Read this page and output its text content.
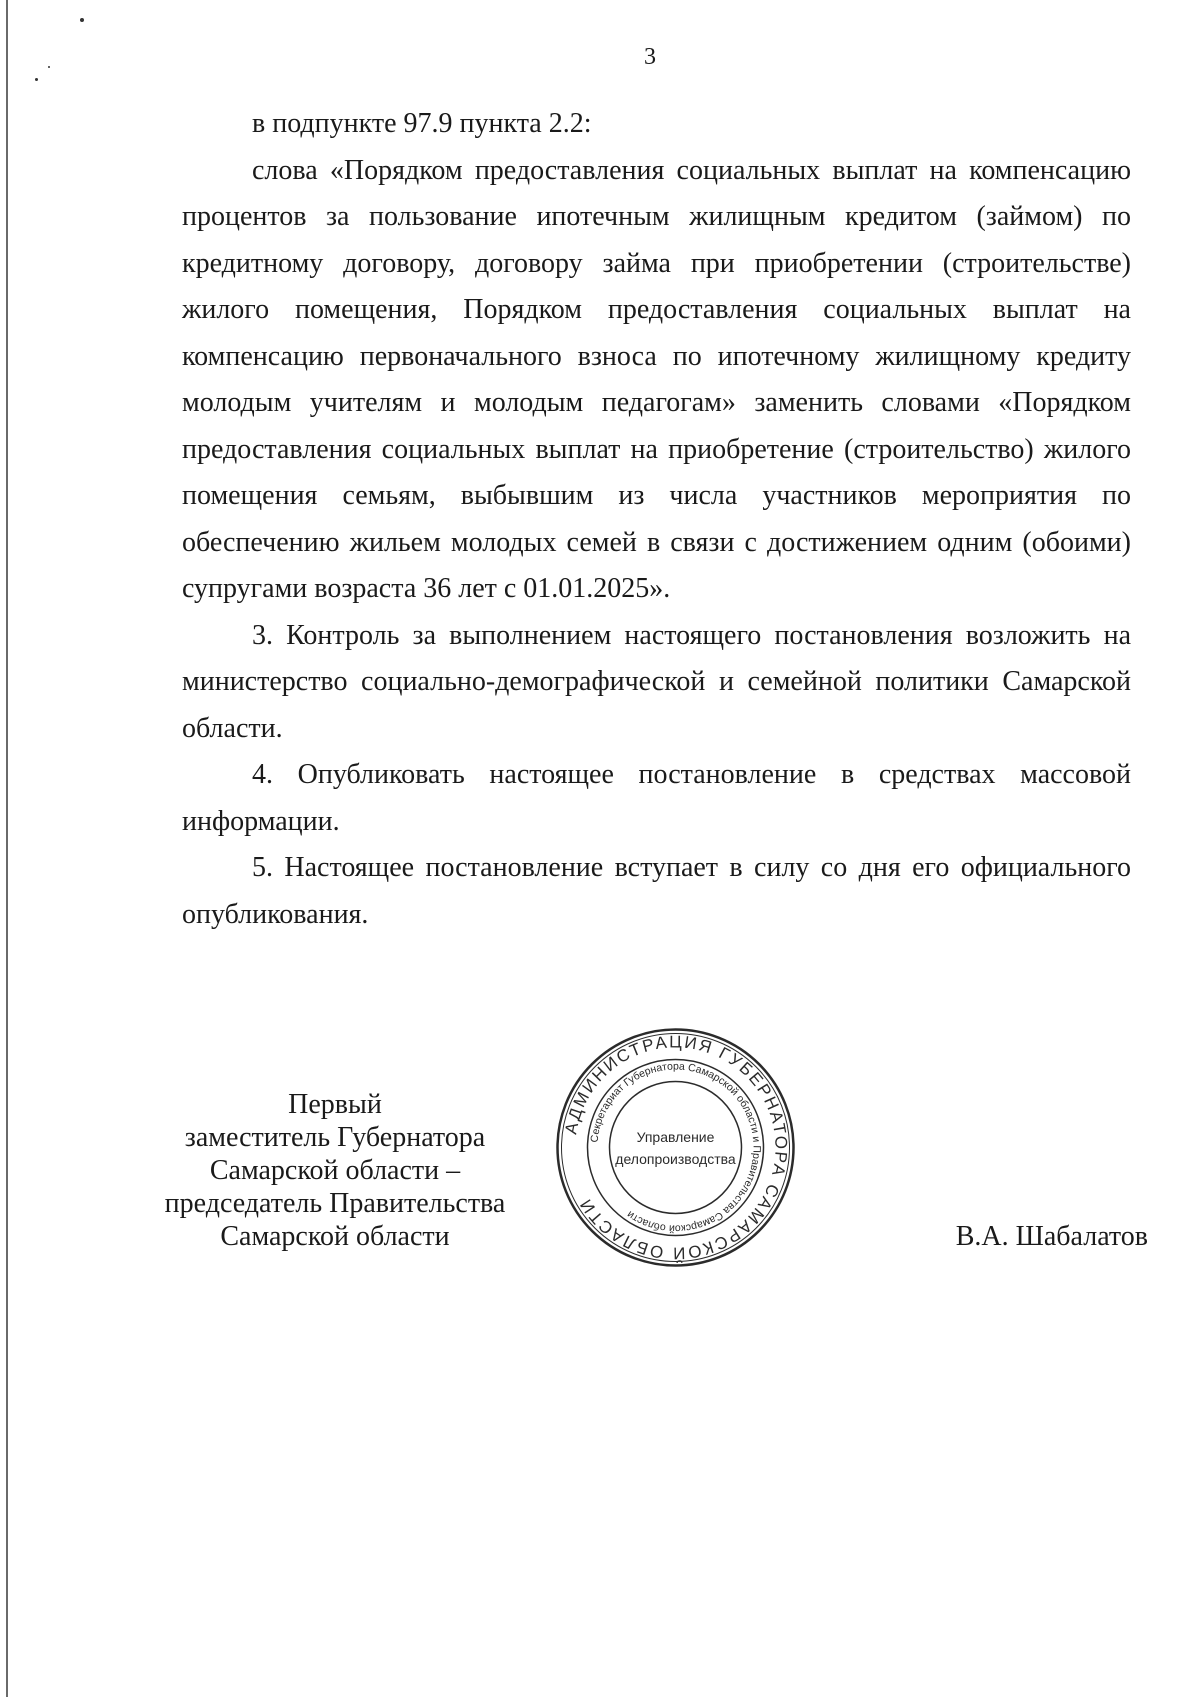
3

в подпункте 97.9 пункта 2.2:

слова «Порядком предоставления социальных выплат на компенсацию процентов за пользование ипотечным жилищным кредитом (займом) по кредитному договору, договору займа при приобретении (строительстве) жилого помещения, Порядком предоставления социальных выплат на компенсацию первоначального взноса по ипотечному жилищному кредиту молодым учителям и молодым педагогам» заменить словами «Порядком предоставления социальных выплат на приобретение (строительство) жилого помещения семьям, выбывшим из числа участников мероприятия по обеспечению жильем молодых семей в связи с достижением одним (обоими) супругами возраста 36 лет с 01.01.2025».

3. Контроль за выполнением настоящего постановления возложить на министерство социально-демографической и семейной политики Самарской области.

4. Опубликовать настоящее постановление в средствах массовой информации.

5. Настоящее постановление вступает в силу со дня его официального опубликования.

Первый
заместитель Губернатора
Самарской области –
председатель Правительства
Самарской области
АДМИНИСТРАЦИЯ ГУБЕРНАТОРА САМАРСКОЙ ОБЛАСТИ
Секретариат Губернатора Самарской области и Правительства Самарской области
Управление
делопроизводства
В.А. Шабалатов
